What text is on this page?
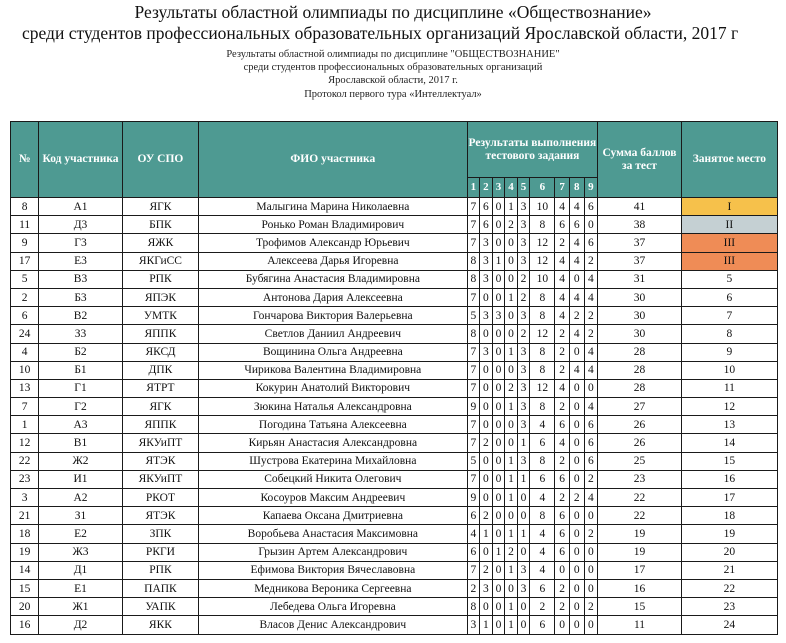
Результаты областной олимпиады по дисциплине «Обществознание»
среди студентов профессиональных образовательных организаций Ярославской области, 2017 г
Результаты областной олимпиады по дисциплине "ОБЩЕСТВОЗНАНИЕ"
среди студентов профессиональных образовательных организаций
Ярославской области, 2017 г.
Протокол первого тура «Интеллектуал»
№	Код участника	ОУ СПО	ФИО участника	Результаты выполнения тестового задания									Сумма баллов за тест	Занятое место
				1	2	3	4	5	6	7	8	9		
8	А1	ЯГК	Малыгина Марина Николаевна	7	6	0	1	3	10	4	4	6	41	I
11	Д3	БПК	Ронько Роман Владимирович	7	6	0	2	3	8	6	6	0	38	II
9	Г3	ЯЖК	Трофимов Александр Юрьевич	7	3	0	0	3	12	2	4	6	37	III
17	Е3	ЯКГиСС	Алексеева Дарья Игоревна	8	3	1	0	3	12	4	4	2	37	III
5	В3	РПК	Бубягина Анастасия Владимировна	8	3	0	0	2	10	4	0	4	31	5
2	Б3	ЯПЭК	Антонова Дария Алексеевна	7	0	0	1	2	8	4	4	4	30	6
6	В2	УМТК	Гончарова Виктория Валерьевна	5	3	3	0	3	8	4	2	2	30	7
24	З3	ЯППК	Светлов Даниил Андреевич	8	0	0	0	2	12	2	4	2	30	8
4	Б2	ЯКСД	Вощинина Ольга Андреевна	7	3	0	1	3	8	2	0	4	28	9
10	Б1	ДПК	Чирикова Валентина Владимировна	7	0	0	0	3	8	2	4	4	28	10
13	Г1	ЯТРТ	Кокурин Анатолий Викторович	7	0	0	2	3	12	4	0	0	28	11
7	Г2	ЯГК	Зюкина Наталья Александровна	9	0	0	1	3	8	2	0	4	27	12
1	А3	ЯППК	Погодина Татьяна Алексеевна	7	0	0	0	3	4	6	0	6	26	13
12	В1	ЯКУиПТ	Кирьян Анастасия Александровна	7	2	0	0	1	6	4	0	6	26	14
22	Ж2	ЯТЭК	Шустрова Екатерина Михайловна	5	0	0	1	3	8	2	0	6	25	15
23	И1	ЯКУиПТ	Собецкий Никита Олегович	7	0	0	1	1	6	6	0	2	23	16
3	А2	РКОТ	Косоуров Максим Андреевич	9	0	0	1	0	4	2	2	4	22	17
21	З1	ЯТЭК	Капаева Оксана Дмитриевна	6	2	0	0	0	8	6	0	0	22	18
18	Е2	ЗПК	Воробьева Анастасия Максимовна	4	1	0	1	1	4	6	0	2	19	19
19	Ж3	РКГИ	Грызин Артем Александрович	6	0	1	2	0	4	6	0	0	19	20
14	Д1	РПК	Ефимова Виктория Вячеславовна	7	2	0	1	3	4	0	0	0	17	21
15	Е1	ПАПК	Медникова Вероника Сергеевна	2	3	0	0	3	6	2	0	0	16	22
20	Ж1	УАПК	Лебедева Ольга Игоревна	8	0	0	1	0	2	2	0	2	15	23
16	Д2	ЯКК	Власов Денис Александрович	3	1	0	1	0	6	0	0	0	11	24
